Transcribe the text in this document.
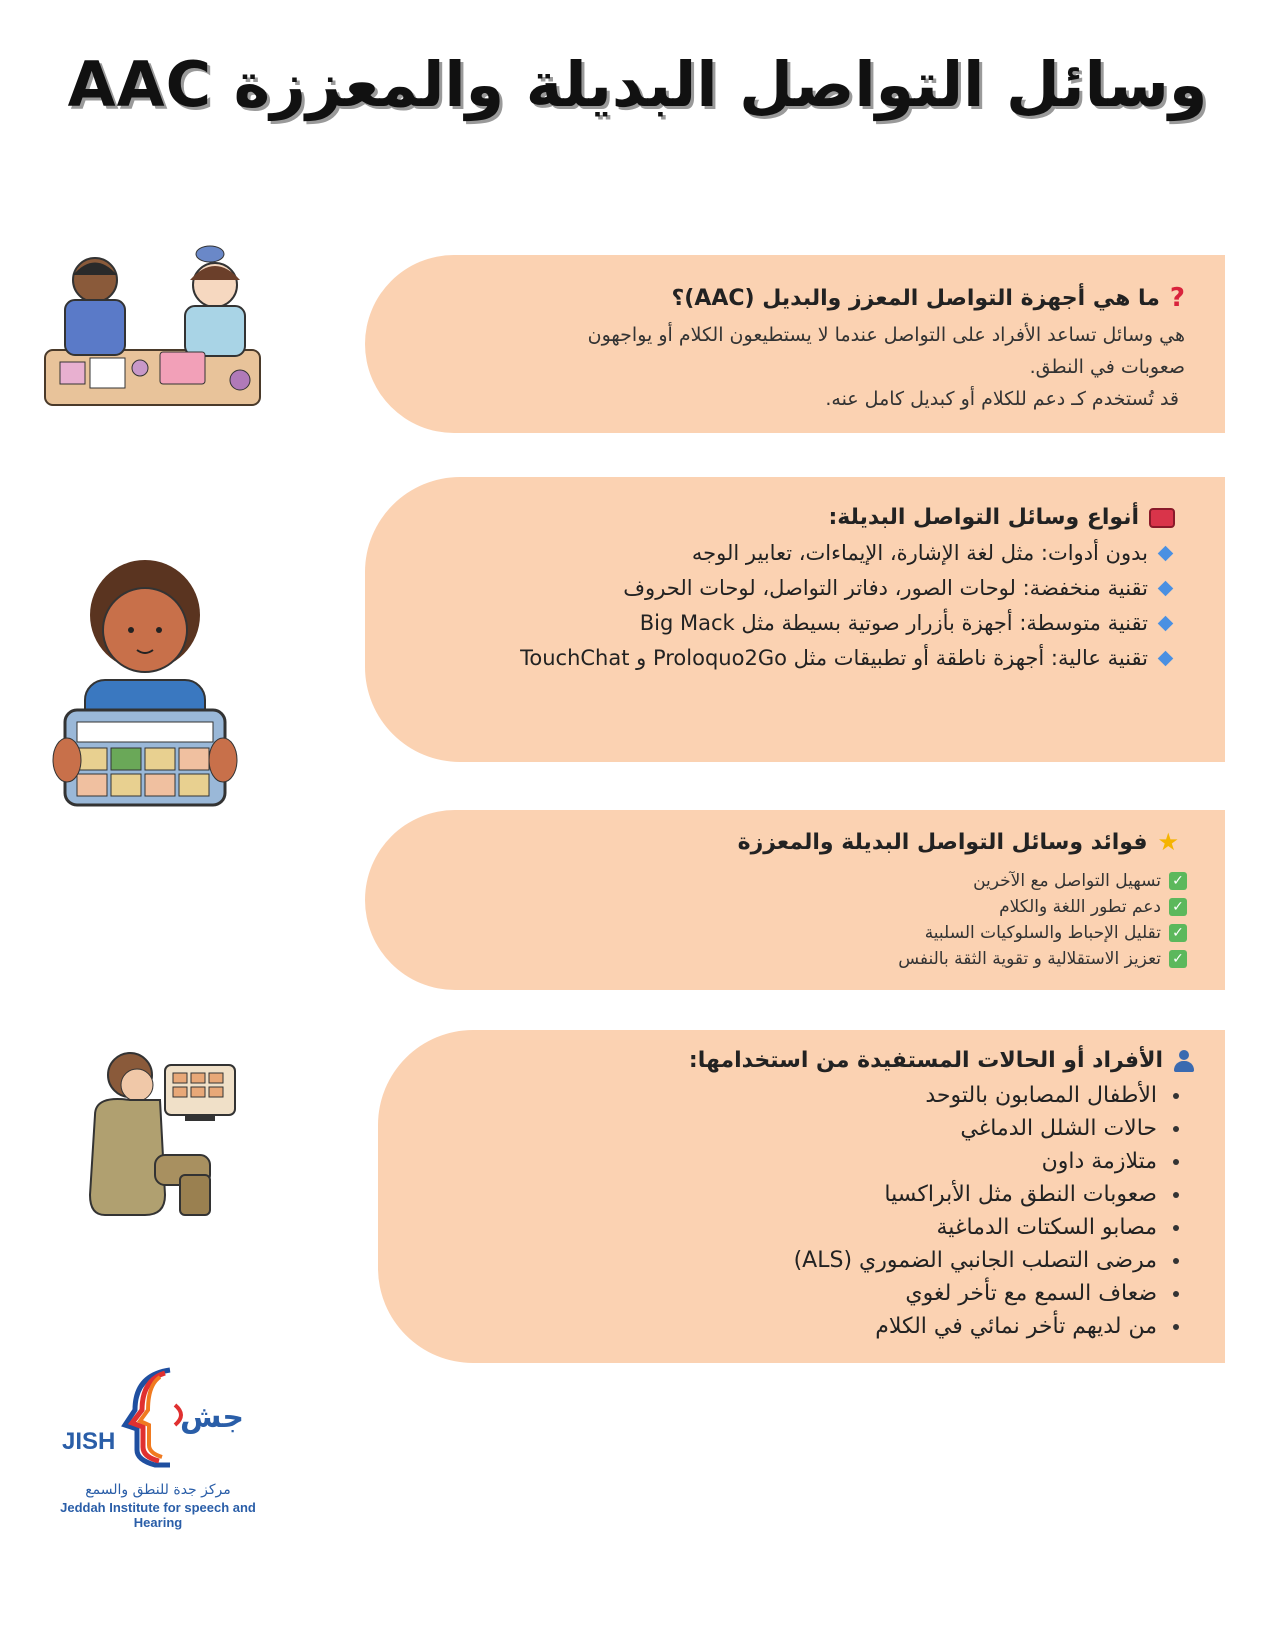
وسائل التواصل البديلة والمعززة AAC
?
ما هي أجهزة التواصل المعزز والبديل (AAC)؟
هي وسائل تساعد الأفراد على التواصل عندما لا يستطيعون الكلام أو يواجهون
صعوبات في النطق.
قد تُستخدم كـ دعم للكلام أو كبديل كامل عنه.
أنواع وسائل التواصل البديلة:
بدون أدوات: مثل لغة الإشارة، الإيماءات، تعابير الوجه
تقنية منخفضة: لوحات الصور، دفاتر التواصل، لوحات الحروف
تقنية متوسطة: أجهزة بأزرار صوتية بسيطة مثل Big Mack
تقنية عالية: أجهزة ناطقة أو تطبيقات مثل Proloquo2Go و TouchChat
★
فوائد وسائل التواصل البديلة والمعززة
✓
تسهيل التواصل مع الآخرين
✓
دعم تطور اللغة والكلام
✓
تقليل الإحباط والسلوكيات السلبية
✓
تعزيز الاستقلالية و تقوية الثقة بالنفس
الأفراد أو الحالات المستفيدة من استخدامها:
الأطفال المصابون بالتوحد
حالات الشلل الدماغي
متلازمة داون
صعوبات النطق مثل الأبراكسيا
مصابو السكتات الدماغية
مرضى التصلب الجانبي الضموري (ALS)
ضعاف السمع مع تأخر لغوي
من لديهم تأخر نمائي في الكلام
جش
JISH
مركز جدة للنطق والسمع
Jeddah Institute for speech and Hearing
